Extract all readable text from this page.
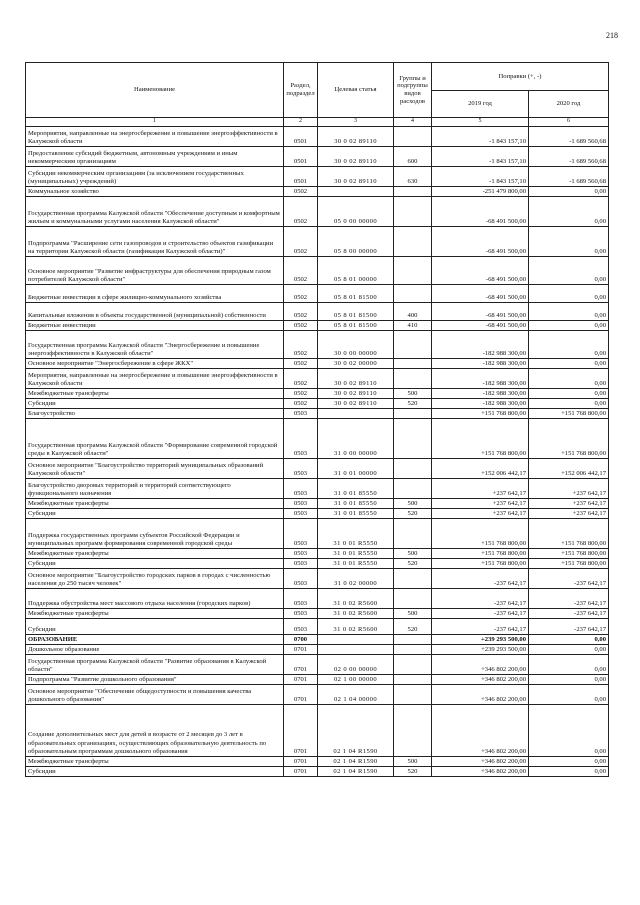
218
Наименование	Раздел, подраздел	Целевая статья	Группы и подгруппы видов расходов	Поправки (+, -)	
				2019 год	2020 год
1	2	3	4	5	6
Мероприятия, направленные на энергосбережение и повышение энергоэффективности в Калужской области	0501	30 0 02 89110		-1 843 157,10	-1 689 560,68
Предоставление субсидий бюджетным, автономным учреждениям и иным некоммерческим организациям	0501	30 0 02 89110	600	-1 843 157,10	-1 689 560,68
Субсидии некоммерческим организациям (за исключением государственных (муниципальных) учреждений)	0501	30 0 02 89110	630	-1 843 157,10	-1 689 560,68
Коммунальное хозяйство	0502			-251 479 800,00	0,00
Государственная программа Калужской области "Обеспечение доступным и комфортным жильем и коммунальными услугами населения Калужской области"	0502	05 0 00 00000		-68 491 500,00	0,00
Подпрограмма "Расширение сети газопроводов и строительство объектов газификации на территории Калужской области (газификация Калужской области)"	0502	05 8 00 00000		-68 491 500,00	0,00
Основное мероприятие "Развитие инфраструктуры для обеспечения природным газом потребителей Калужской области"	0502	05 8 01 00000		-68 491 500,00	0,00
Бюджетные инвестиции в сфере жилищно-коммунального хозяйства	0502	05 8 01 81500		-68 491 500,00	0,00
Капитальные вложения в объекты государственной (муниципальной) собственности	0502	05 8 01 81500	400	-68 491 500,00	0,00
Бюджетные инвестиции	0502	05 8 01 81500	410	-68 491 500,00	0,00
Государственная программа Калужской области "Энергосбережение и повышение энергоэффективности в Калужской области"	0502	30 0 00 00000		-182 988 300,00	0,00
Основное мероприятие "Энергосбережение в сфере ЖКХ"	0502	30 0 02 00000		-182 988 300,00	0,00
Мероприятия, направленные на энергосбережение и повышение энергоэффективности в Калужской области	0502	30 0 02 89110		-182 988 300,00	0,00
Межбюджетные трансферты	0502	30 0 02 89110	500	-182 988 300,00	0,00
Субсидии	0502	30 0 02 89110	520	-182 988 300,00	0,00
Благоустройство	0503			+151 768 800,00	+151 768 800,00
Государственная программа Калужской области "Формирование современной городской среды в Калужской области"	0503	31 0 00 00000		+151 768 800,00	+151 768 800,00
Основное мероприятие "Благоустройство территорий муниципальных образований Калужской области"	0503	31 0 01 00000		+152 006 442,17	+152 006 442,17
Благоустройство дворовых территорий и территорий соответствующего функционального назначения	0503	31 0 01 85550		+237 642,17	+237 642,17
Межбюджетные трансферты	0503	31 0 01 85550	500	+237 642,17	+237 642,17
Субсидии	0503	31 0 01 85550	520	+237 642,17	+237 642,17
Поддержка государственных программ субъектов Российской Федерации и муниципальных программ формирования современной городской среды	0503	31 0 01 R5550		+151 768 800,00	+151 768 800,00
Межбюджетные трансферты	0503	31 0 01 R5550	500	+151 768 800,00	+151 768 800,00
Субсидии	0503	31 0 01 R5550	520	+151 768 800,00	+151 768 800,00
Основное мероприятие "Благоустройство городских парков в городах с численностью населения до 250 тысяч человек"	0503	31 0 02 00000		-237 642,17	-237 642,17
Поддержка обустройства мест массового отдыха населения (городских парков)	0503	31 0 02 R5600		-237 642,17	-237 642,17
Межбюджетные трансферты	0503	31 0 02 R5600	500	-237 642,17	-237 642,17
Субсидии	0503	31 0 02 R5600	520	-237 642,17	-237 642,17
ОБРАЗОВАНИЕ	0700			+239 293 500,00	0,00
Дошкольное образование	0701			+239 293 500,00	0,00
Государственная программа Калужской области "Развитие образования в Калужской области"	0701	02 0 00 00000		+346 802 200,00	0,00
Подпрограмма "Развитие дошкольного образования"	0701	02 1 00 00000		+346 802 200,00	0,00
Основное мероприятие "Обеспечение общедоступности и повышения качества дошкольного образования"	0701	02 1 04 00000		+346 802 200,00	0,00
Создание дополнительных мест для детей в возрасте от 2 месяцев до 3 лет в образовательных организациях, осуществляющих образовательную деятельность по образовательным программам дошкольного образования	0701	02 1 04 R1590		+346 802 200,00	0,00
Межбюджетные трансферты	0701	02 1 04 R1590	500	+346 802 200,00	0,00
Субсидии	0701	02 1 04 R1590	520	+346 802 200,00	0,00
